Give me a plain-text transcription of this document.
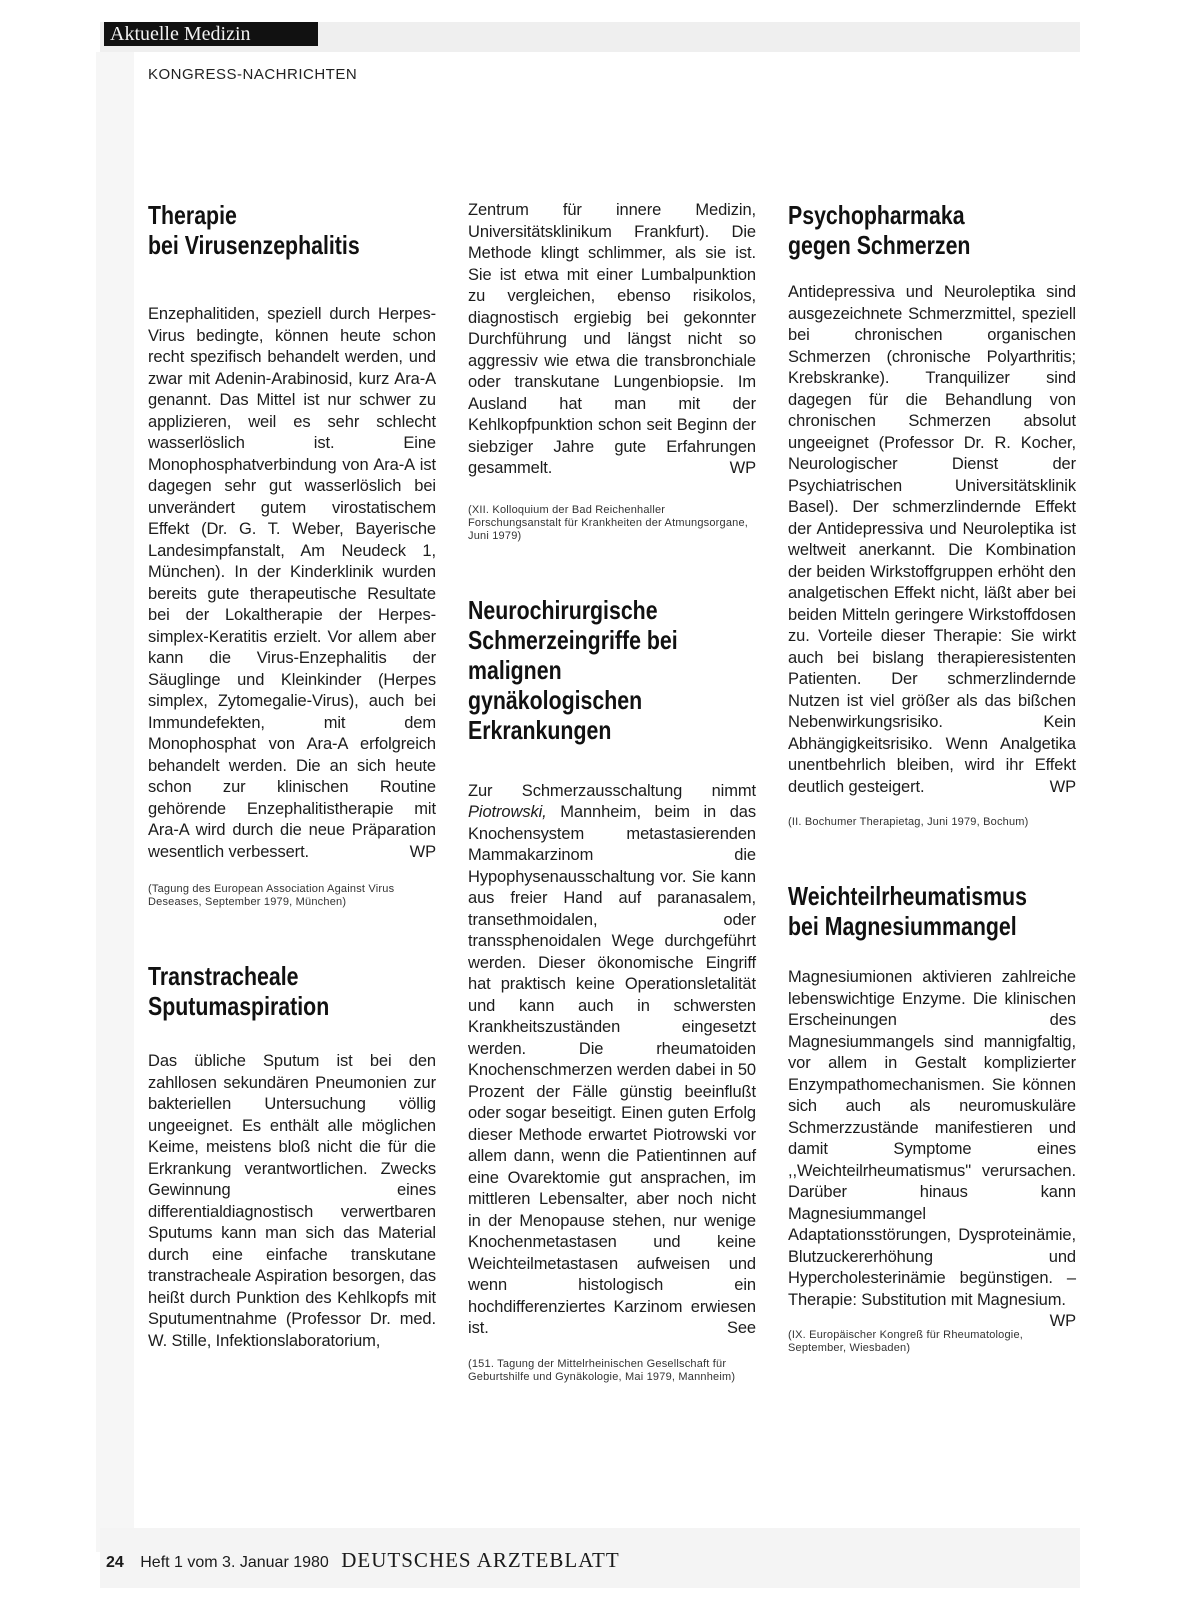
Aktuelle Medizin
KONGRESS-NACHRICHTEN
Therapie
bei Virusenzephalitis

Enzephalitiden, speziell durch Herpes-Virus bedingte, können heute schon recht spezifisch behandelt werden, und zwar mit Adenin-Arabinosid, kurz Ara-A genannt. Das Mittel ist nur schwer zu applizieren, weil es sehr schlecht wasserlöslich ist. Eine Monophosphatverbindung von Ara-A ist dagegen sehr gut wasserlöslich bei unverändert gutem virostatischem Effekt (Dr. G. T. Weber, Bayerische Landesimpfanstalt, Am Neudeck 1, München). In der Kinderklinik wurden bereits gute therapeutische Resultate bei der Lokaltherapie der Herpes-simplex-Keratitis erzielt. Vor allem aber kann die Virus-Enzephalitis der Säuglinge und Kleinkinder (Herpes simplex, Zytomegalie-Virus), auch bei Immundefekten, mit dem Monophosphat von Ara-A erfolgreich behandelt werden. Die an sich heute schon zur klinischen Routine gehörende Enzephalitistherapie mit Ara-A wird durch die neue Präparation wesentlich verbessert.	WP

(Tagung des European Association Against Virus Deseases, September 1979, München)

Transtracheale
Sputumaspiration

Das übliche Sputum ist bei den zahllosen sekundären Pneumonien zur bakteriellen Untersuchung völlig ungeeignet. Es enthält alle möglichen Keime, meistens bloß nicht die für die Erkrankung verantwortlichen. Zwecks Gewinnung eines differentialdiagnostisch verwertbaren Sputums kann man sich das Material durch eine einfache transkutane transtracheale Aspiration besorgen, das heißt durch Punktion des Kehlkopfs mit Sputumentnahme (Professor Dr. med. W. Stille, Infektionslaboratorium,

Zentrum für innere Medizin, Universitätsklinikum Frankfurt). Die Methode klingt schlimmer, als sie ist. Sie ist etwa mit einer Lumbalpunktion zu vergleichen, ebenso risikolos, diagnostisch ergiebig bei gekonnter Durchführung und längst nicht so aggressiv wie etwa die transbronchiale oder transkutane Lungenbiopsie. Im Ausland hat man mit der Kehlkopfpunktion schon seit Beginn der siebziger Jahre gute Erfahrungen gesammelt.	WP

(XII. Kolloquium der Bad Reichenhaller Forschungsanstalt für Krankheiten der Atmungsorgane, Juni 1979)

Neurochirurgische
Schmerzeingriffe bei
malignen
gynäkologischen
Erkrankungen

Zur Schmerzausschaltung nimmt Piotrowski, Mannheim, beim in das Knochensystem metastasierenden Mammakarzinom die Hypophysenausschaltung vor. Sie kann aus freier Hand auf paranasalem, transethmoidalen, oder transsphenoidalen Wege durchgeführt werden. Dieser ökonomische Eingriff hat praktisch keine Operationsletalität und kann auch in schwersten Krankheitszuständen eingesetzt werden. Die rheumatoiden Knochenschmerzen werden dabei in 50 Prozent der Fälle günstig beeinflußt oder sogar beseitigt. Einen guten Erfolg dieser Methode erwartet Piotrowski vor allem dann, wenn die Patientinnen auf eine Ovarektomie gut ansprachen, im mittleren Lebensalter, aber noch nicht in der Menopause stehen, nur wenige Knochenmetastasen und keine Weichteilmetastasen aufweisen und wenn histologisch ein hochdifferenziertes Karzinom erwiesen ist.	See

(151. Tagung der Mittelrheinischen Gesellschaft für Geburtshilfe und Gynäkologie, Mai 1979, Mannheim)

Psychopharmaka
gegen Schmerzen

Antidepressiva und Neuroleptika sind ausgezeichnete Schmerzmittel, speziell bei chronischen organischen Schmerzen (chronische Polyarthritis; Krebskranke). Tranquilizer sind dagegen für die Behandlung von chronischen Schmerzen absolut ungeeignet (Professor Dr. R. Kocher, Neurologischer Dienst der Psychiatrischen Universitätsklinik Basel). Der schmerzlindernde Effekt der Antidepressiva und Neuroleptika ist weltweit anerkannt. Die Kombination der beiden Wirkstoffgruppen erhöht den analgetischen Effekt nicht, läßt aber bei beiden Mitteln geringere Wirkstoffdosen zu. Vorteile dieser Therapie: Sie wirkt auch bei bislang therapieresistenten Patienten. Der schmerzlindernde Nutzen ist viel größer als das bißchen Nebenwirkungsrisiko. Kein Abhängigkeitsrisiko. Wenn Analgetika unentbehrlich bleiben, wird ihr Effekt deutlich gesteigert.	WP

(II. Bochumer Therapietag, Juni 1979, Bochum)

Weichteilrheumatismus
bei Magnesiummangel

Magnesiumionen aktivieren zahlreiche lebenswichtige Enzyme. Die klinischen Erscheinungen des Magnesiummangels sind mannigfaltig, vor allem in Gestalt komplizierter Enzympathomechanismen. Sie können sich auch als neuromuskuläre Schmerzzustände manifestieren und damit Symptome eines ,,Weichteilrheumatismus'' verursachen. Darüber hinaus kann Magnesiummangel Adaptationsstörungen, Dysproteinämie, Blutzuckererhöhung und Hypercholesterinämie begünstigen. – Therapie: Substitution mit Magnesium.
WP

(IX. Europäischer Kongreß für Rheumatologie, September, Wiesbaden)

24 Heft 1 vom 3. Januar 1980 DEUTSCHES ARZTEBLATT
